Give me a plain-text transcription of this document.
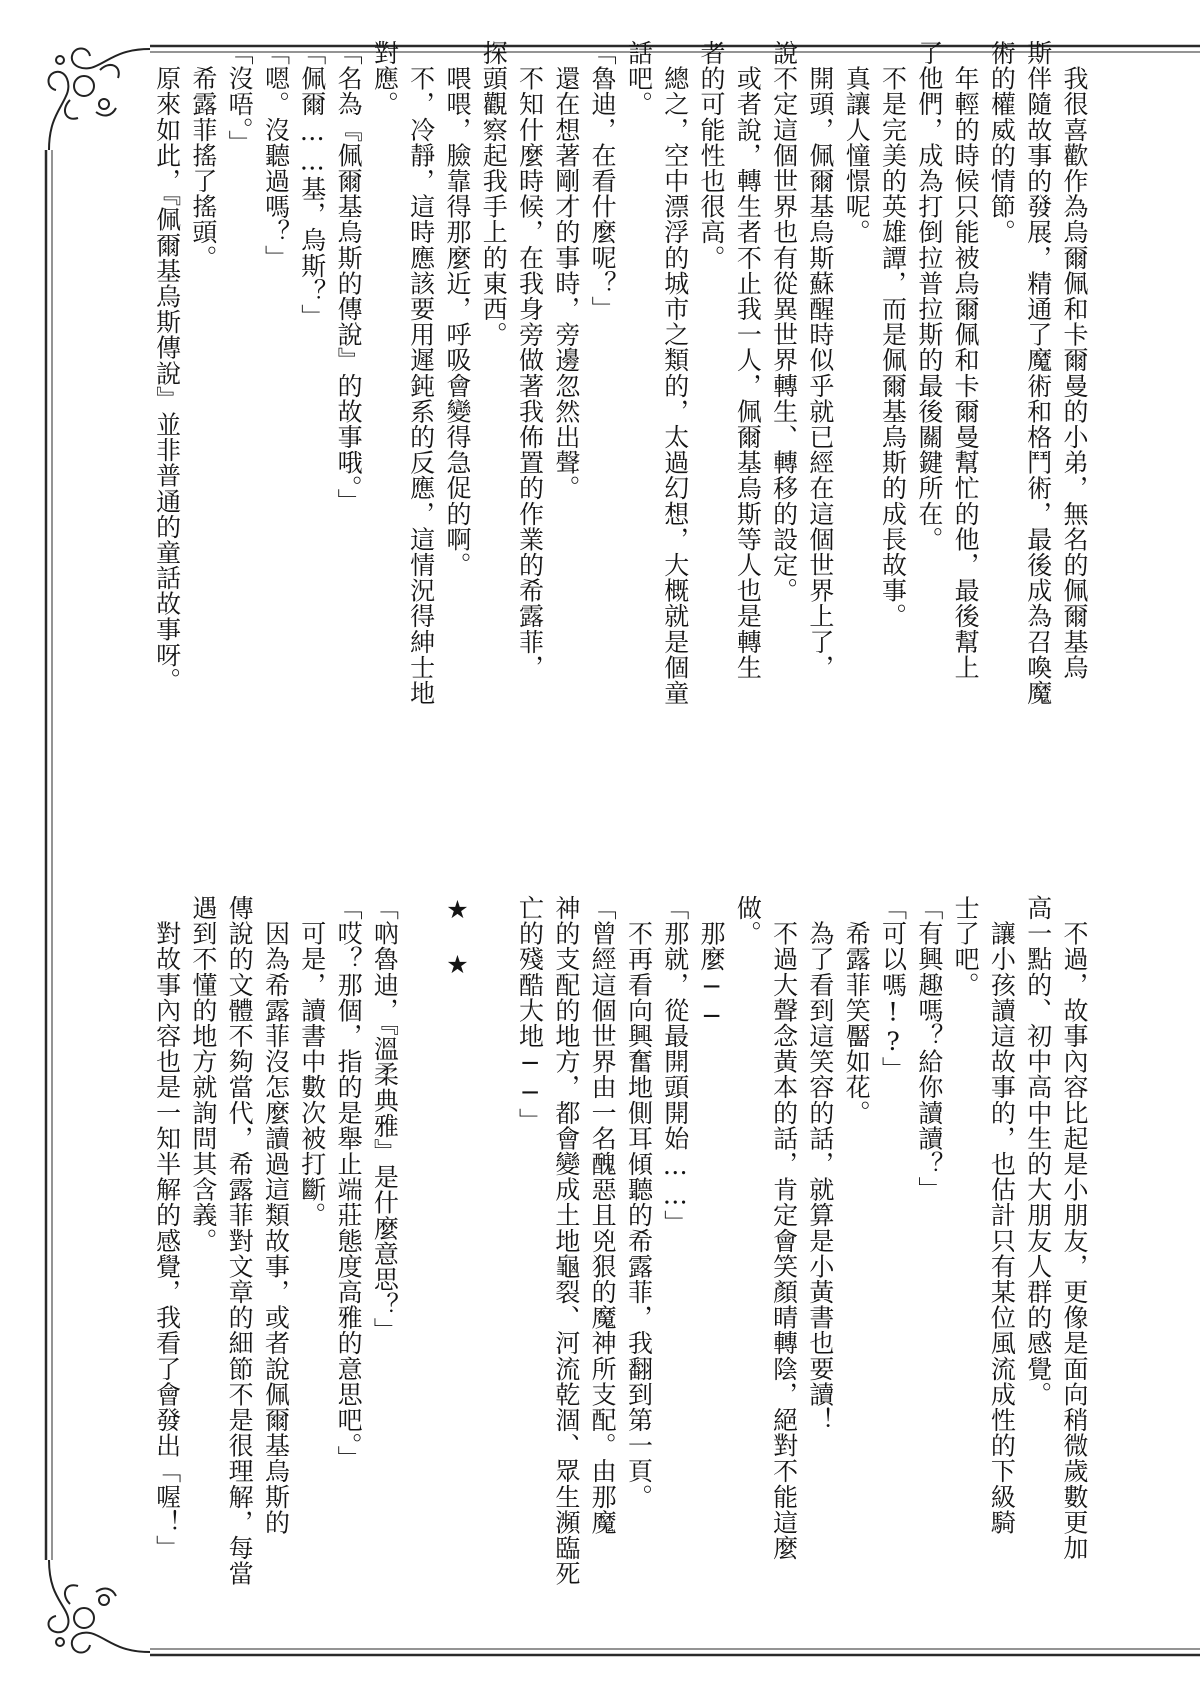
　我很喜歡作為烏爾佩和卡爾曼的小弟，無名的佩爾基烏
斯伴隨故事的發展，精通了魔術和格鬥術，最後成為召喚魔
術的權威的情節。
　年輕的時候只能被烏爾佩和卡爾曼幫忙的他，最後幫上
了他們，成為打倒拉普拉斯的最後關鍵所在。
　不是完美的英雄譚，而是佩爾基烏斯的成長故事。
　真讓人憧憬呢。
　開頭，佩爾基烏斯蘇醒時似乎就已經在這個世界上了，
說不定這個世界也有從異世界轉生、轉移的設定。
　或者說，轉生者不止我一人，佩爾基烏斯等人也是轉生
者的可能性也很高。
　總之，空中漂浮的城市之類的，太過幻想，大概就是個童
話吧。
「魯迪，在看什麼呢？」
　還在想著剛才的事時，旁邊忽然出聲。
　不知什麼時候，在我身旁做著我佈置的作業的希露菲，
探頭觀察起我手上的東西。
　喂喂，臉靠得那麼近，呼吸會變得急促的啊。
　不，冷靜，這時應該要用遲鈍系的反應，這情況得紳士地
對應。
「名為『佩爾基烏斯的傳說』的故事哦。」
「佩爾……基，烏斯？」
「嗯。沒聽過嗎？」
「沒唔。」
　希露菲搖了搖頭。
　原來如此，『佩爾基烏斯傳說』並非普通的童話故事呀。

　不過，故事內容比起是小朋友，更像是面向稍微歲數更加
高一點的、初中高中生的大朋友人群的感覺。
　讓小孩讀這故事的，也估計只有某位風流成性的下級騎
士了吧。
「有興趣嗎？給你讀讀？」
「可以嗎!?」
　希露菲笑靨如花。
　為了看到這笑容的話，就算是小黃書也要讀！
　不過大聲念黃本的話，肯定會笑顏晴轉陰，絕對不能這麼
做。
　那麼──
「那就，從最開頭開始……」
　不再看向興奮地側耳傾聽的希露菲，我翻到第一頁。
「曾經這個世界由一名醜惡且兇狠的魔神所支配。由那魔
神的支配的地方，都會變成土地龜裂、河流乾涸、眾生瀕臨死
亡的殘酷大地──」

★　★

「吶魯迪，『溫柔典雅』是什麼意思？」
「哎？那個，指的是舉止端莊態度高雅的意思吧。」
　可是，讀書中數次被打斷。
　因為希露菲沒怎麼讀過這類故事，或者說佩爾基烏斯的
傳說的文體不夠當代，希露菲對文章的細節不是很理解，每當
遇到不懂的地方就詢問其含義。
　對故事內容也是一知半解的感覺，我看了會發出「喔！」
